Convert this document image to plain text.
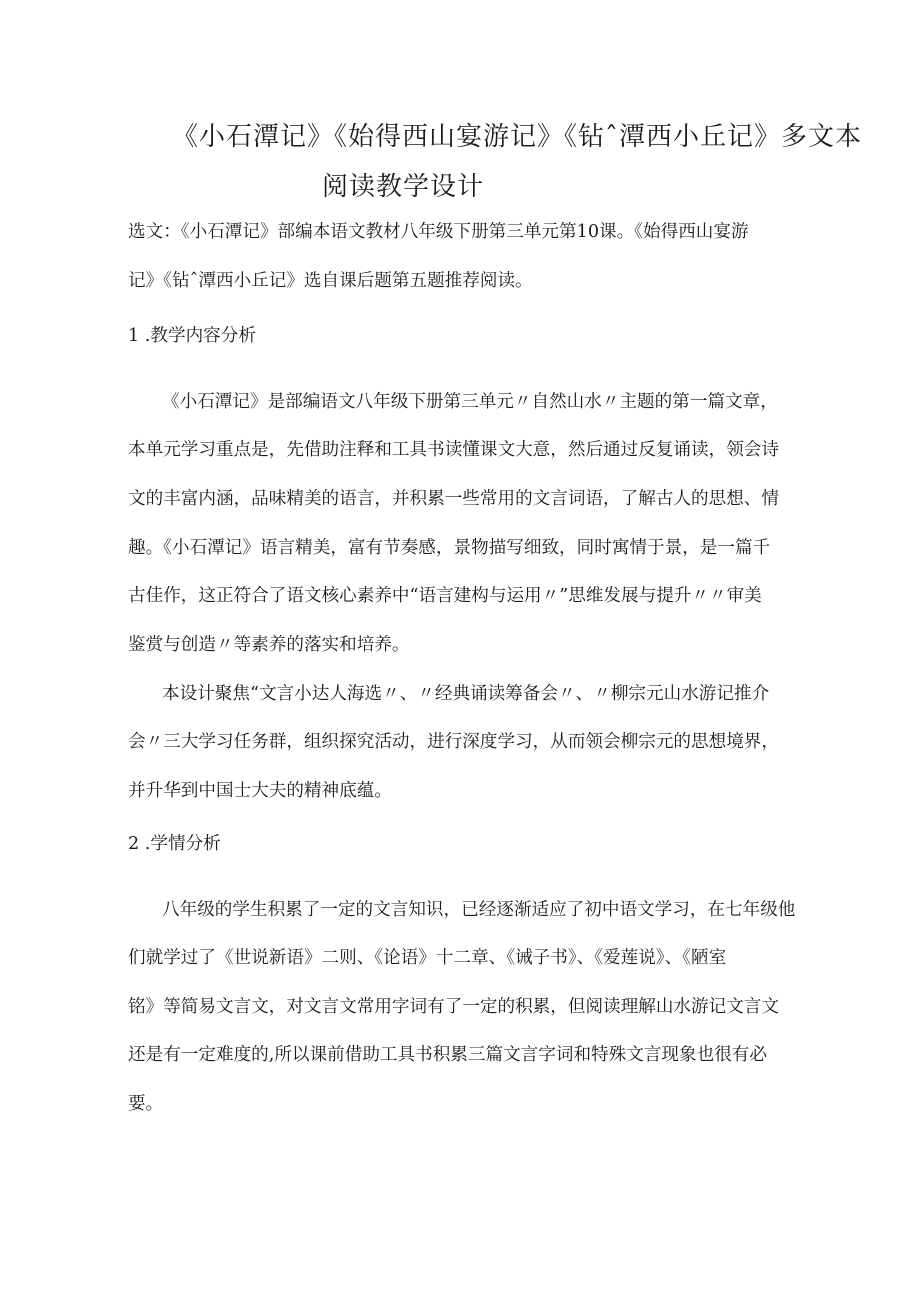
《小石潭记》《始得西山宴游记》《钻ˆ潭西小丘记》多文本
阅读教学设计
选文：《小石潭记》部编本语文教材八年级下册第三单元第10课。《始得西山宴游
记》《钻ˆ潭西小丘记》选自课后题第五题推荐阅读。
1 .教学内容分析
《小石潭记》是部编语文八年级下册第三单元〃自然山水〃主题的第一篇文章，
本单元学习重点是，先借助注释和工具书读懂课文大意，然后通过反复诵读，领会诗
文的丰富内涵，品味精美的语言，并积累一些常用的文言词语，了解古人的思想、情
趣。《小石潭记》语言精美，富有节奏感，景物描写细致，同时寓情于景，是一篇千
古佳作，这正符合了语文核心素养中“语言建构与运用〃”思维发展与提升〃〃审美
鉴赏与创造〃等素养的落实和培养。
本设计聚焦“文言小达人海选〃、〃经典诵读筹备会〃、〃柳宗元山水游记推介
会〃三大学习任务群，组织探究活动，进行深度学习，从而领会柳宗元的思想境界，
并升华到中国士大夫的精神底蕴。
2 .学情分析
八年级的学生积累了一定的文言知识，已经逐渐适应了初中语文学习，在七年级他
们就学过了《世说新语》二则、《论语》十二章、《诫子书》、《爱莲说》、《陋室
铭》等简易文言文，对文言文常用字词有了一定的积累，但阅读理解山水游记文言文
还是有一定难度的,所以课前借助工具书积累三篇文言字词和特殊文言现象也很有必
要。
